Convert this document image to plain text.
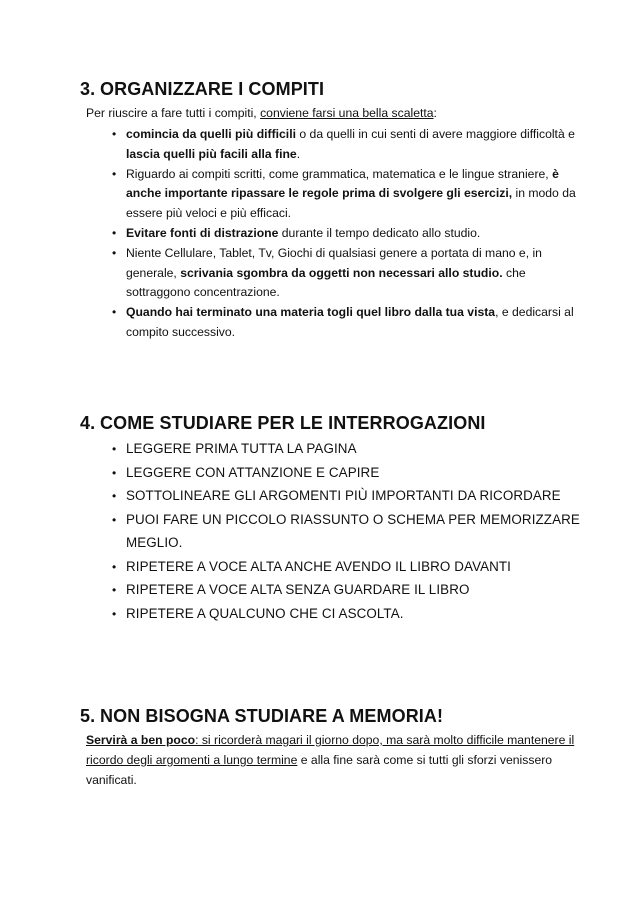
3. ORGANIZZARE I COMPITI
Per riuscire a fare tutti i compiti, conviene farsi una bella scaletta:
• comincia da quelli più difficili o da quelli in cui senti di avere maggiore difficoltà e lascia quelli più facili alla fine.
• Riguardo ai compiti scritti, come grammatica, matematica e le lingue straniere, è anche importante ripassare le regole prima di svolgere gli esercizi, in modo da essere più veloci e più efficaci.
• Evitare fonti di distrazione durante il tempo dedicato allo studio.
• Niente Cellulare, Tablet, Tv, Giochi di qualsiasi genere a portata di mano e, in generale, scrivania sgombra da oggetti non necessari allo studio. che sottraggono concentrazione.
• Quando hai terminato una materia togli quel libro dalla tua vista, e dedicarsi al compito successivo.
4. COME STUDIARE PER LE INTERROGAZIONI
• LEGGERE PRIMA TUTTA LA PAGINA
• LEGGERE CON ATTANZIONE E CAPIRE
• SOTTOLINEARE GLI ARGOMENTI PIÙ IMPORTANTI DA RICORDARE
• PUOI FARE UN PICCOLO RIASSUNTO O SCHEMA PER MEMORIZZARE MEGLIO.
• RIPETERE A VOCE ALTA ANCHE AVENDO IL LIBRO DAVANTI
• RIPETERE A VOCE ALTA SENZA GUARDARE IL LIBRO
• RIPETERE A QUALCUNO CHE CI ASCOLTA.
5. NON BISOGNA STUDIARE A MEMORIA!
Servirà a ben poco: si ricorderà magari il giorno dopo, ma sarà molto difficile mantenere il ricordo degli argomenti a lungo termine e alla fine sarà come si tutti gli sforzi venissero vanificati.
